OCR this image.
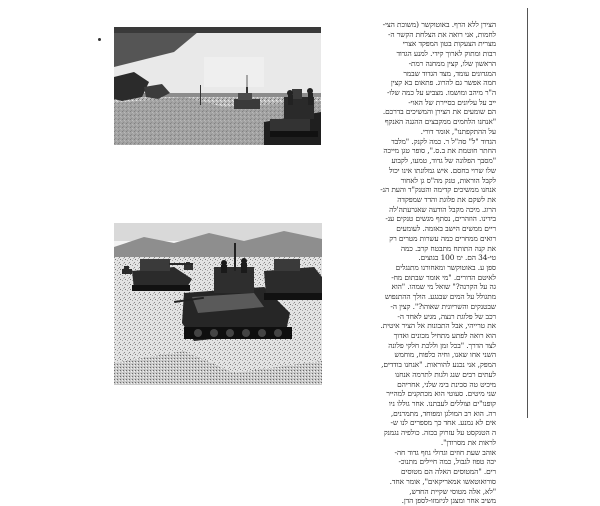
הצירן ללא הרף. באוטוקשר (משוכת הצי-
לחמות, אני רואה את הצלחת הקשר ה-
מצרית הצעקות בטון המפקד אצרי
רבות ומתוק לארוך קידי. למנע הגדוד
הראשון שלו, קצין ממחנה רמת-
המגדונים עומד, מצד הגדוד שבמר
חמה אפשר גם להרוג. פתאום בא קצין
ה"ר מיהב ומושמו. מצביע על כמה שלו-
ייב על עליונים בסיירת של האוי-
הם שומעים את הצירן והמשיכים בדרכם.
"אנחנו הלחמים ממקבצים ההגנה האנקף
על ההתקפתנו", אומר דורי.
הגדוד "ל" סה"ל ר. כמה לקנק. "מלבד
החתר חוטמת את ב.ס.", סופר טגן מייכה
"מסבך הפלונה של גדוד, טמעו, לקבוע
שלו שרוי בחסם. איש גמלונתו אינו יכול
לקבל הוראות, טנק מה"ס גן לאחור
אנחנו ממשיכים קדימה והטנק"ד והעת הנ-
את לשקם את פלוגת והדד שמפקדה
הרוג. מיכה מקבל הודעה שאגרעתה'לה
בידינו. הוזהרים, נסתף מגשים טנקים ענ-
ריים ממשים הישב באזמה. לעומעים
רואים ממחרים כמה עשרות מטרים רק
את קנה התותח מתבטח קרב. כמה
טי-34 הם. ימ 100 בגוצים.
ספן ע. באוטוקשר ומאחורנו מתנגלים
לאיטם הדורים. "מי אומר שבתום מח-
גה על הקרנה?" שואל מי שמהו. "הוא
מתגולל על המים שבגגע. הולך ההתנפוש
שבטנקים והשריונית שאוהו?". קצין ה-
רכב של פלוגת רנצה, מגיע לאחד ה-
את טרייהי, אבל התבונות אל הציר איטית.
הוא רואה לפתע מתחיל מכונים ואדוך
לצד הדרך. "בכל זמן וללכת חלקי פלונה
השני אחו שאנו, וחיה כלפוח, מוחמש
המפק, אני נכנע להוראות. "אנחנו בודדים,
לעתים רבים שנג ולגות לתרמה אנחנו
מיכיט טה סכינת בימ שלני, אחריהם
שני מיטים. סעוטי הוא מכתקנים למהייר
קופנו"ים וצוללים לעבתנו. אחר גוללו ניו
רה. הוא רב המולגן ומפוחד, מתמרנים,
אים לא נמנע. אחד כך מספרים לנו ש-
ה הטנקסט על עזרוק בכזה. כולפיה נגמנק
לראות את מסרודן".
אוהב שעת חוזים וגדולי גוזף גדוד חה-
יכה טפוז לגבול, כמה חיילים מתנוכ-
רים. "המטוסים האלה הם מטוסים
סורואוטאשו אמאריקאים", אומר אחד.
"לא, אלה מטוסי שקיית החדש,
משיב אחר ומצגן לגיזמזו-לספן הדן.
